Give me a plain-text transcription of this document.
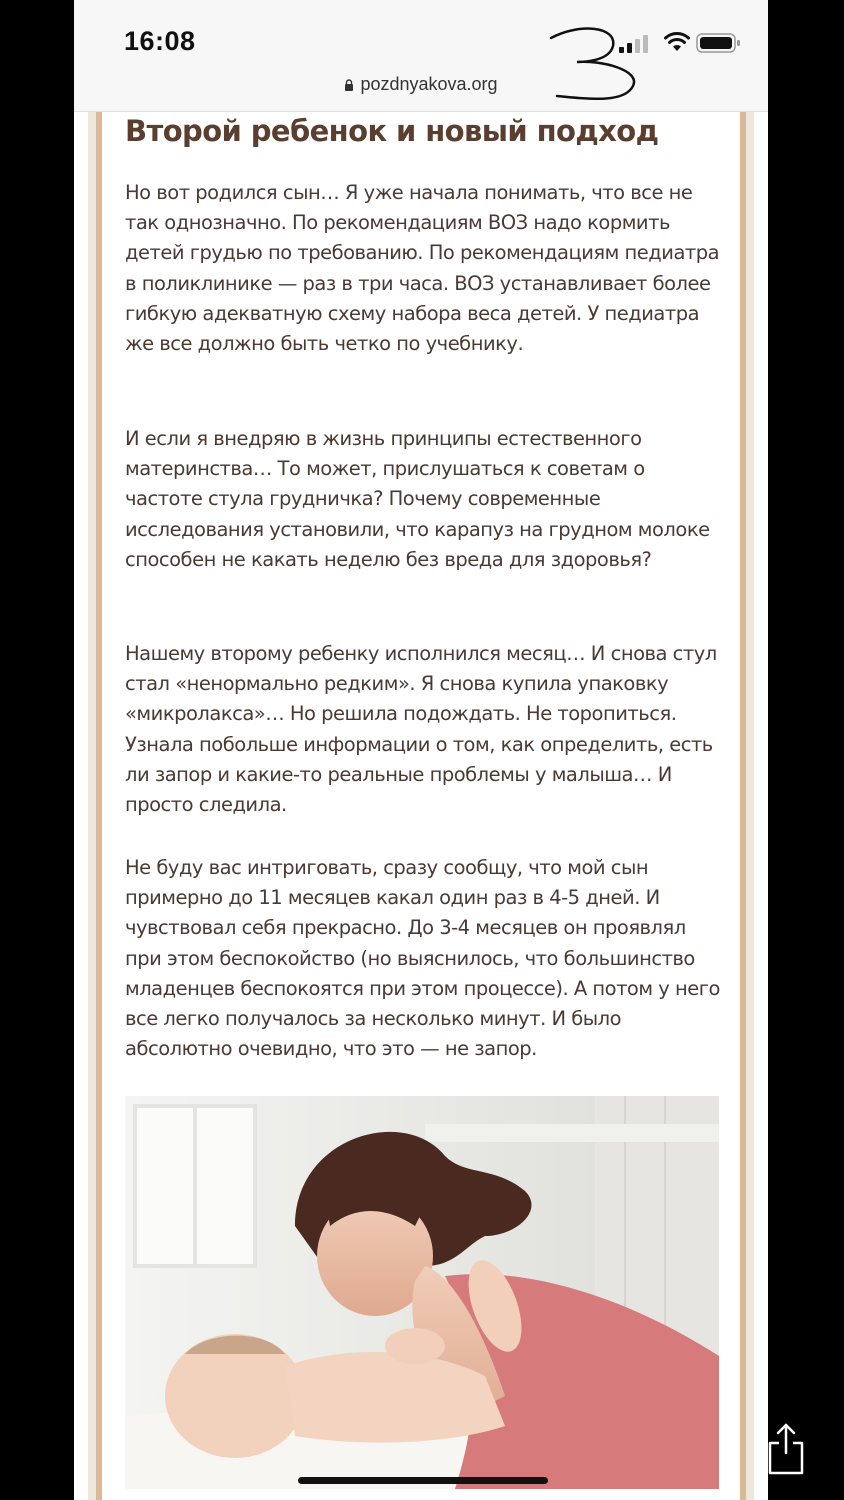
16:08
pozdnyakova.org
Второй ребенок и новый подход

Но вот родился сын… Я уже начала понимать, что все не так однозначно. По рекомендациям ВОЗ надо кормить детей грудью по требованию. По рекомендациям педиатра в поликлинике — раз в три часа. ВОЗ устанавливает более гибкую адекватную схему набора веса детей. У педиатра же все должно быть четко по учебнику.

И если я внедряю в жизнь принципы естественного материнства… То может, прислушаться к советам о частоте стула грудничка? Почему современные исследования установили, что карапуз на грудном молоке способен не какать неделю без вреда для здоровья?

Нашему второму ребенку исполнился месяц… И снова стул стал «ненормально редким». Я снова купила упаковку «микролакса»… Но решила подождать. Не торопиться. Узнала побольше информации о том, как определить, есть ли запор и какие-то реальные проблемы у малыша… И просто следила.

Не буду вас интриговать, сразу сообщу, что мой сын примерно до 11 месяцев какал один раз в 4-5 дней. И чувствовал себя прекрасно. До 3-4 месяцев он проявлял при этом беспокойство (но выяснилось, что большинство младенцев беспокоятся при этом процессе). А потом у него все легко получалось за несколько минут. И было абсолютно очевидно, что это — не запор.
